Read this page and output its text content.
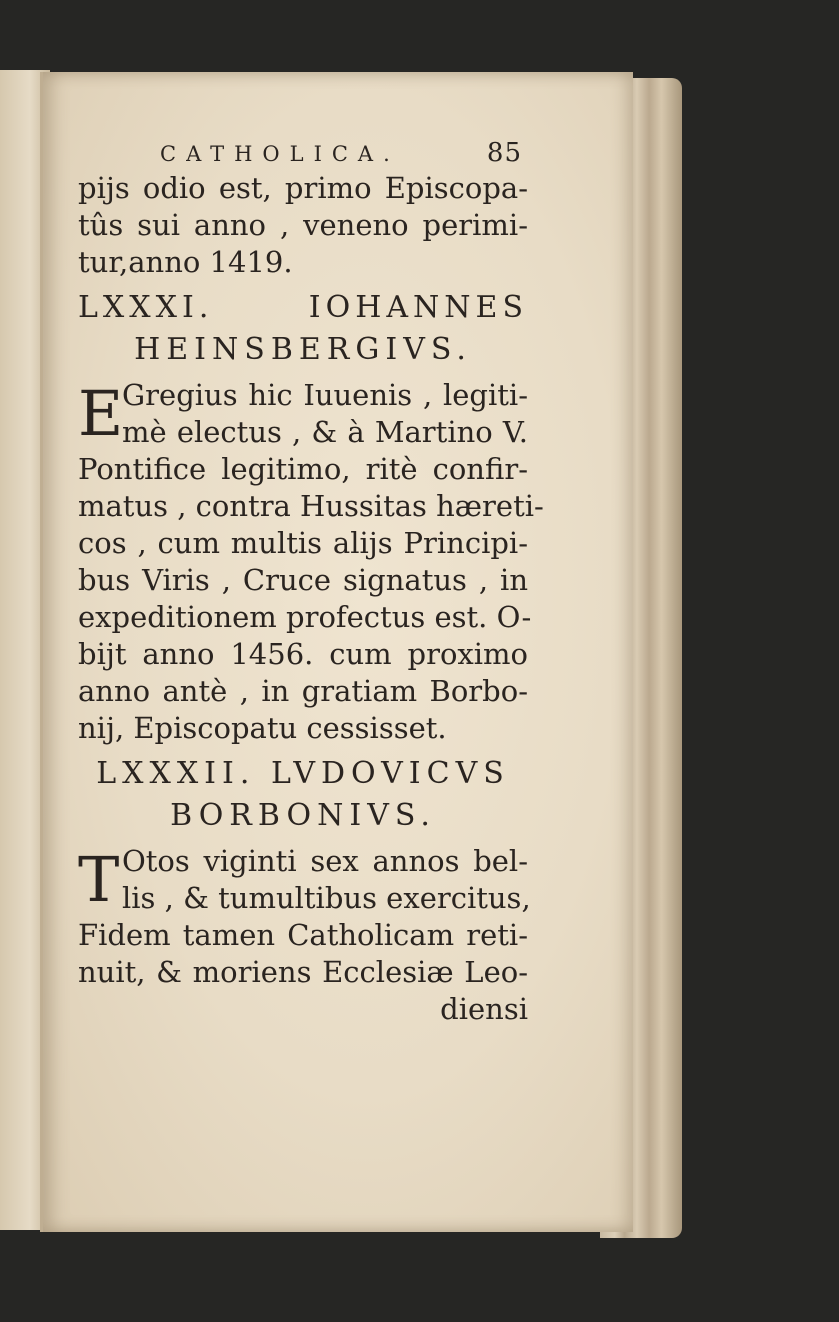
CATHOLICA.	85
pijs odio est, primo Episcopa-
tûs sui anno , veneno perimi-
tur,anno 1419.
LXXXI. IOHANNES
HEINSBERGIVS.
E
Gregius hic Iuuenis , legiti-
mè electus , & à Martino V.
Pontifice legitimo, ritè confir-
matus , contra Hussitas hæreti-
cos , cum multis alijs Principi-
bus Viris , Cruce signatus , in
expeditionem profectus est. O-
bijt anno 1456. cum proximo
anno antè , in gratiam Borbo-
nij, Episcopatu cessisset.
LXXXII. LVDOVICVS
BORBONIVS.
T Otos viginti sex annos bel-
lis , & tumultibus exercitus,
Fidem tamen Catholicam reti-
nuit, & moriens Ecclesiæ Leo-
diensi
